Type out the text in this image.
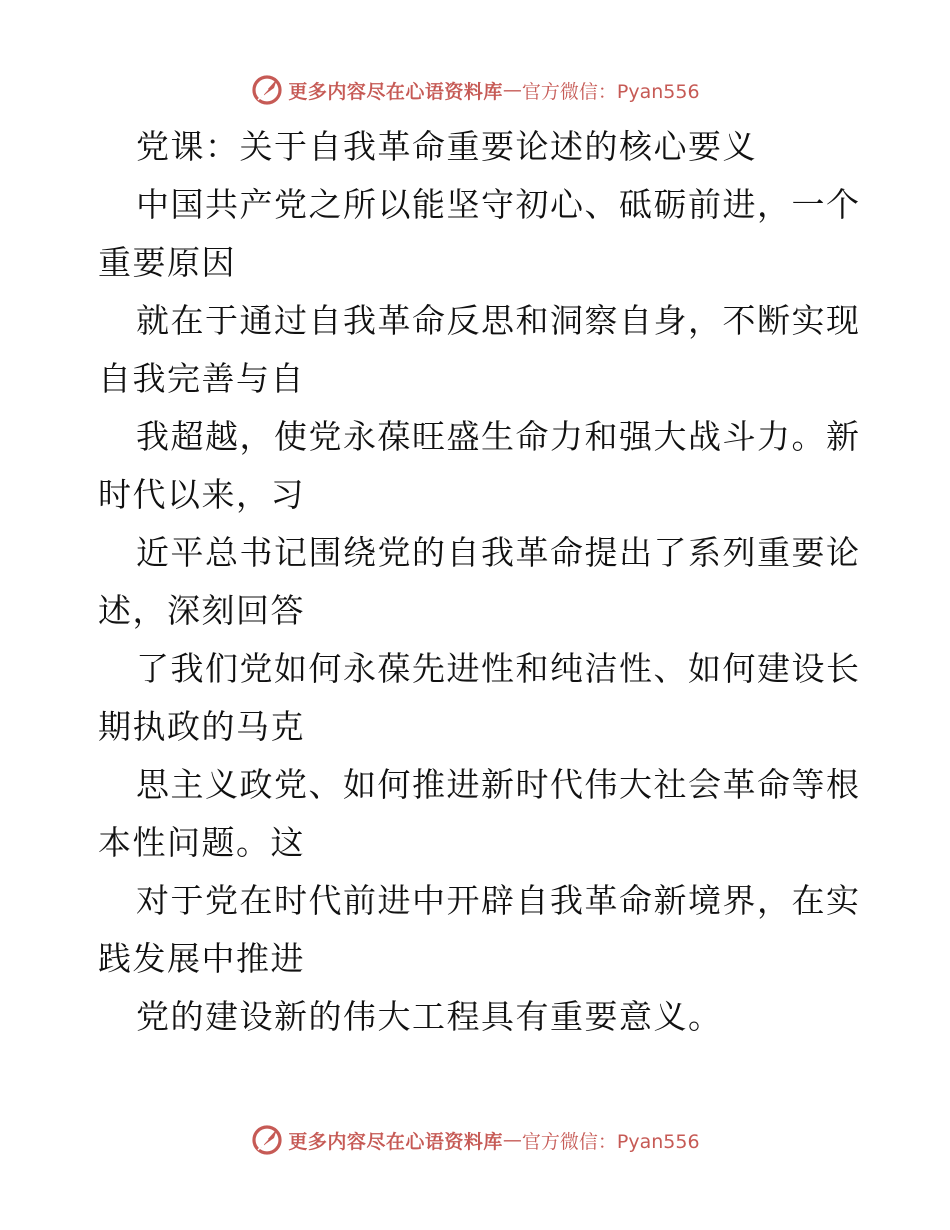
更多内容尽在心语资料库 — 官方微信：Pyan556
党课：关于自我革命重要论述的核心要义
中国共产党之所以能坚守初心、砥砺前进，一个
重要原因
就在于通过自我革命反思和洞察自身，不断实现
自我完善与自
我超越，使党永葆旺盛生命力和强大战斗力。新
时代以来，习
近平总书记围绕党的自我革命提出了系列重要论
述，深刻回答
了我们党如何永葆先进性和纯洁性、如何建设长
期执政的马克
思主义政党、如何推进新时代伟大社会革命等根
本性问题。这
对于党在时代前进中开辟自我革命新境界，在实
践发展中推进
党的建设新的伟大工程具有重要意义。
更多内容尽在心语资料库 — 官方微信：Pyan556
